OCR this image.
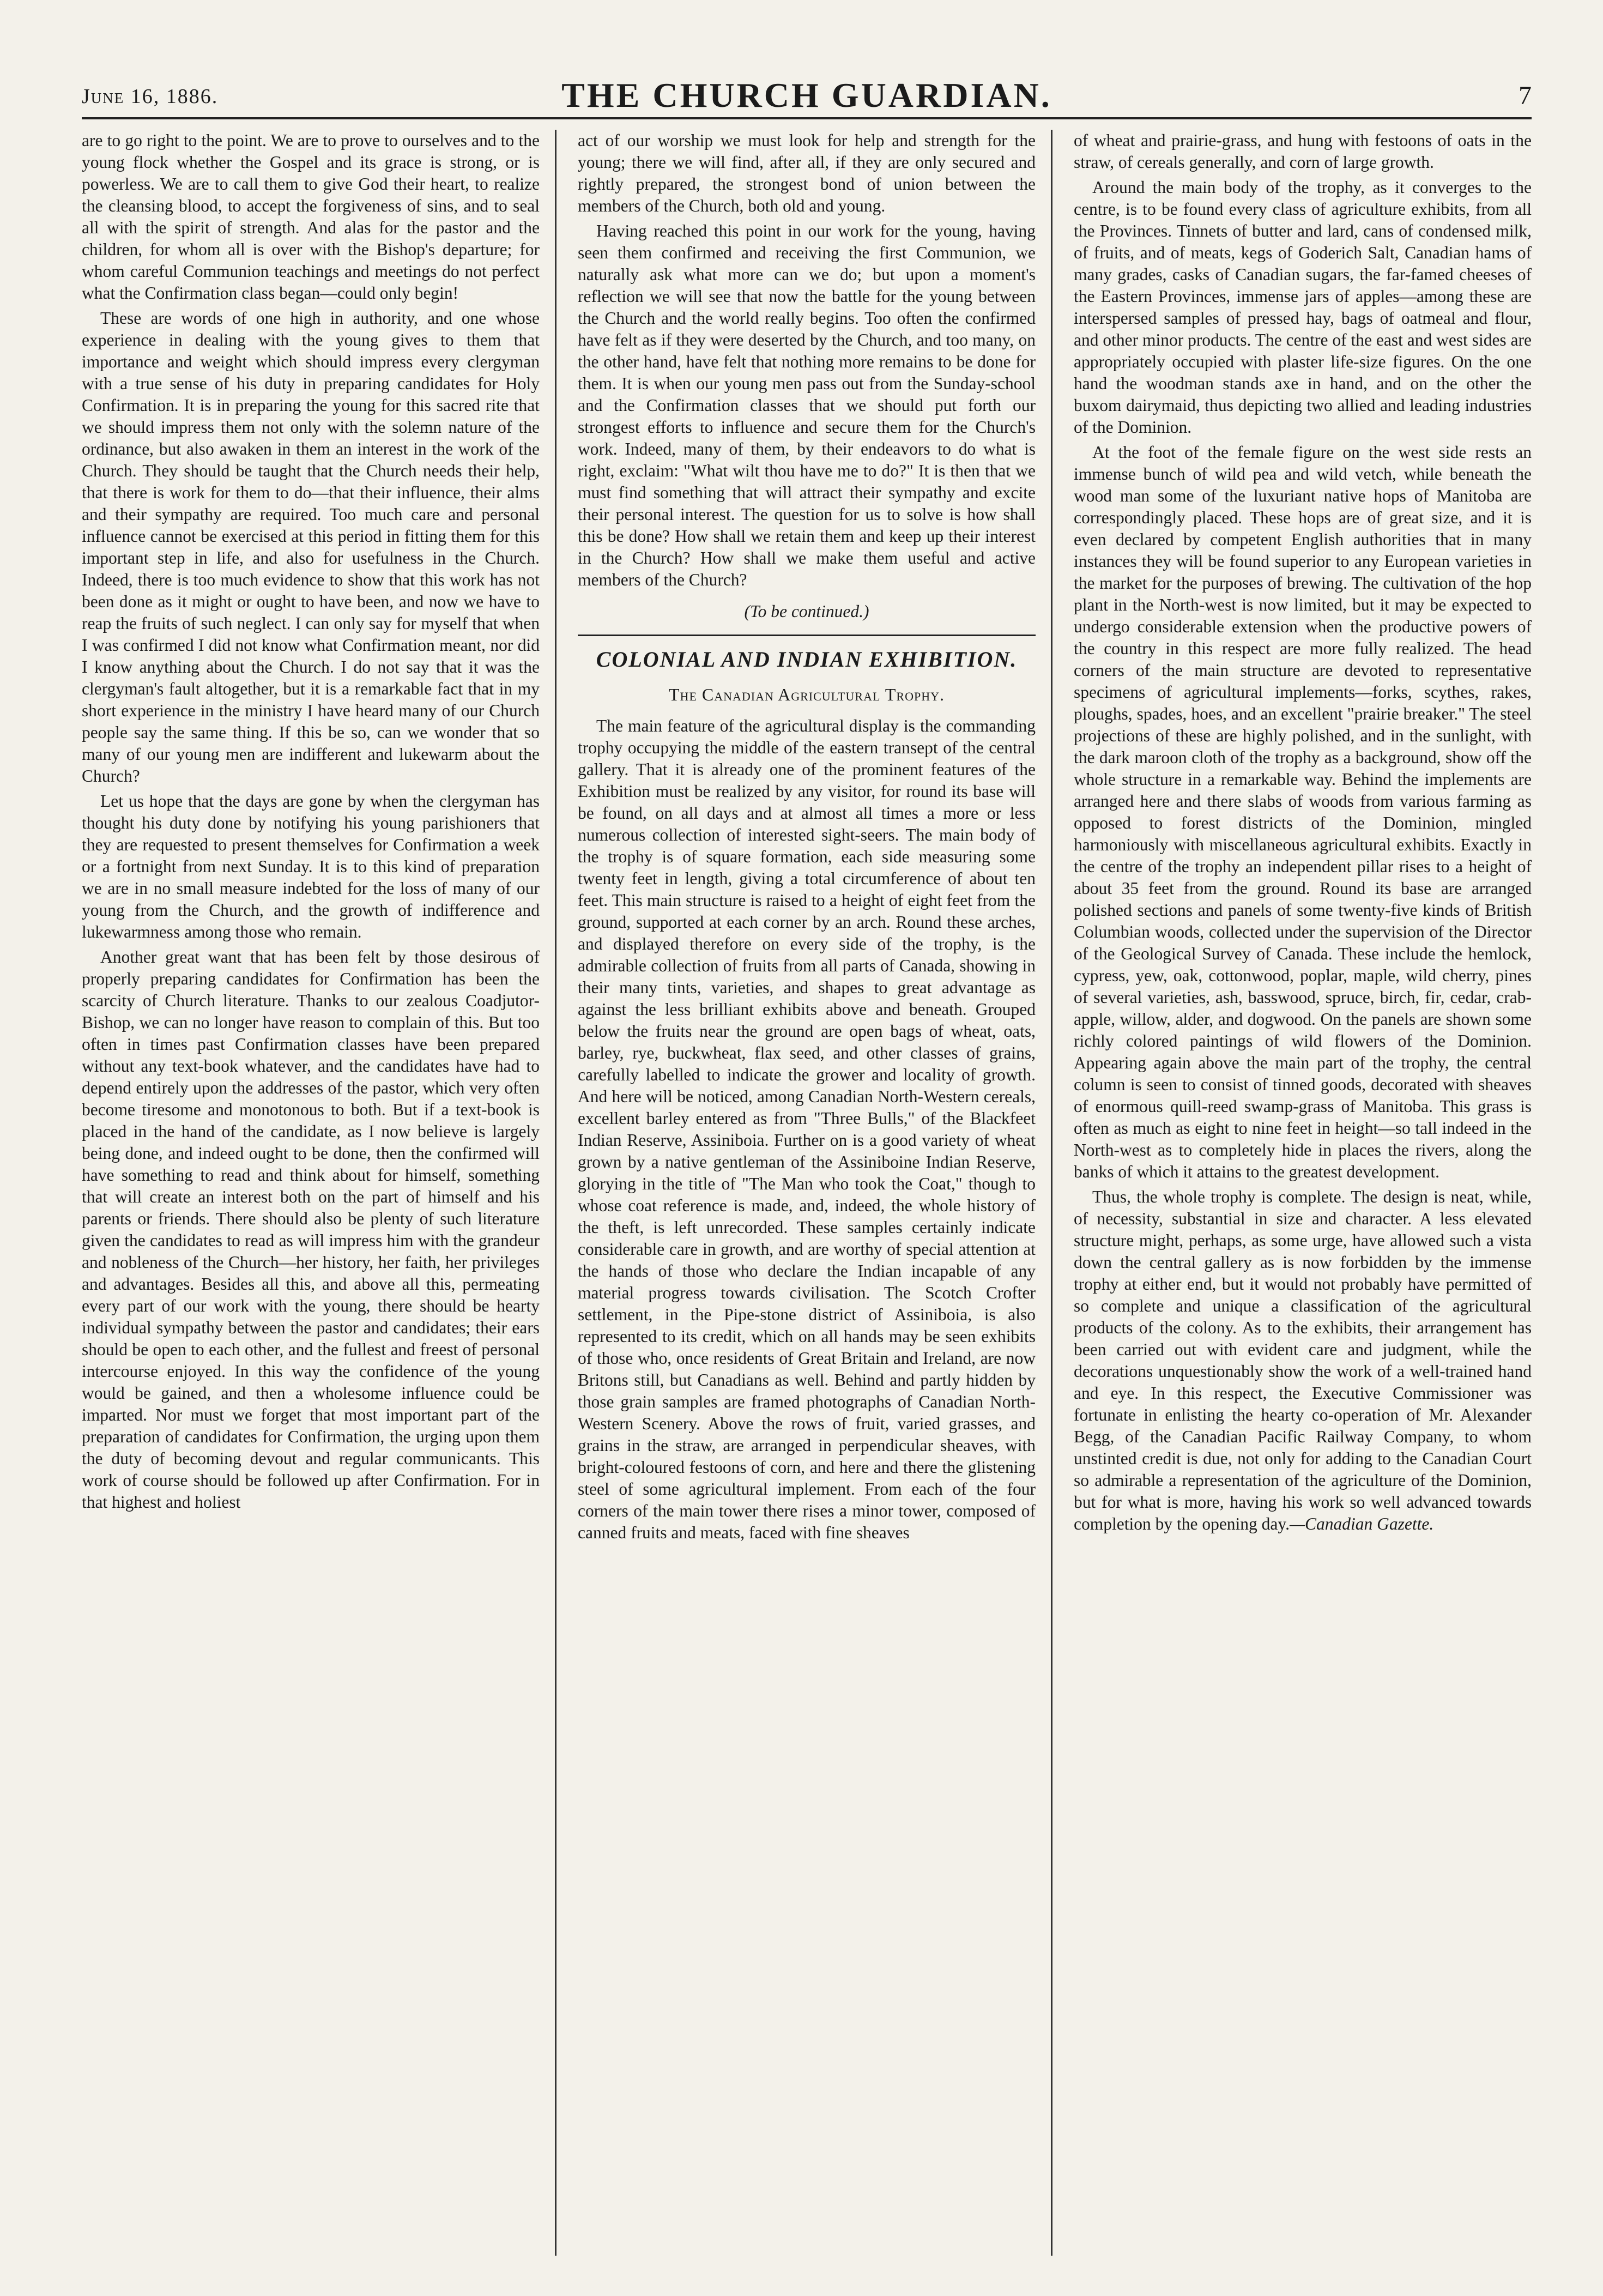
June 16, 1886.	THE CHURCH GUARDIAN.	7

are to go right to the point. We are to prove to ourselves and to the young flock whether the Gospel and its grace is strong, or is powerless. We are to call them to give God their heart, to realize the cleansing blood, to accept the forgiveness of sins, and to seal all with the spirit of strength. And alas for the pastor and the children, for whom all is over with the Bishop's departure; for whom careful Communion teachings and meetings do not perfect what the Confirmation class began—could only begin!

These are words of one high in authority, and one whose experience in dealing with the young gives to them that importance and weight which should impress every clergyman with a true sense of his duty in preparing candidates for Holy Confirmation. It is in preparing the young for this sacred rite that we should impress them not only with the solemn nature of the ordinance, but also awaken in them an interest in the work of the Church. They should be taught that the Church needs their help, that there is work for them to do—that their influence, their alms and their sympathy are required. Too much care and personal influence cannot be exercised at this period in fitting them for this important step in life, and also for usefulness in the Church. Indeed, there is too much evidence to show that this work has not been done as it might or ought to have been, and now we have to reap the fruits of such neglect. I can only say for myself that when I was confirmed I did not know what Confirmation meant, nor did I know anything about the Church. I do not say that it was the clergyman's fault altogether, but it is a remarkable fact that in my short experience in the ministry I have heard many of our Church people say the same thing. If this be so, can we wonder that so many of our young men are indifferent and lukewarm about the Church?

Let us hope that the days are gone by when the clergyman has thought his duty done by notifying his young parishioners that they are requested to present themselves for Confirmation a week or a fortnight from next Sunday. It is to this kind of preparation we are in no small measure indebted for the loss of many of our young from the Church, and the growth of indifference and lukewarmness among those who remain.

Another great want that has been felt by those desirous of properly preparing candidates for Confirmation has been the scarcity of Church literature. Thanks to our zealous Coadjutor-Bishop, we can no longer have reason to complain of this. But too often in times past Confirmation classes have been prepared without any text-book whatever, and the candidates have had to depend entirely upon the addresses of the pastor, which very often become tiresome and monotonous to both. But if a text-book is placed in the hand of the candidate, as I now believe is largely being done, and indeed ought to be done, then the confirmed will have something to read and think about for himself, something that will create an interest both on the part of himself and his parents or friends. There should also be plenty of such literature given the candidates to read as will impress him with the grandeur and nobleness of the Church—her history, her faith, her privileges and advantages. Besides all this, and above all this, permeating every part of our work with the young, there should be hearty individual sympathy between the pastor and candidates; their ears should be open to each other, and the fullest and freest of personal intercourse enjoyed. In this way the confidence of the young would be gained, and then a wholesome influence could be imparted. Nor must we forget that most important part of the preparation of candidates for Confirmation, the urging upon them the duty of becoming devout and regular communicants. This work of course should be followed up after Confirmation. For in that highest and holiest

act of our worship we must look for help and strength for the young; there we will find, after all, if they are only secured and rightly prepared, the strongest bond of union between the members of the Church, both old and young.

Having reached this point in our work for the young, having seen them confirmed and receiving the first Communion, we naturally ask what more can we do; but upon a moment's reflection we will see that now the battle for the young between the Church and the world really begins. Too often the confirmed have felt as if they were deserted by the Church, and too many, on the other hand, have felt that nothing more remains to be done for them. It is when our young men pass out from the Sunday-school and the Confirmation classes that we should put forth our strongest efforts to influence and secure them for the Church's work. Indeed, many of them, by their endeavors to do what is right, exclaim: "What wilt thou have me to do?" It is then that we must find something that will attract their sympathy and excite their personal interest. The question for us to solve is how shall this be done? How shall we retain them and keep up their interest in the Church? How shall we make them useful and active members of the Church?

(To be continued.)
COLONIAL AND INDIAN EXHIBITION.
The Canadian Agricultural Trophy.

The main feature of the agricultural display is the commanding trophy occupying the middle of the eastern transept of the central gallery. That it is already one of the prominent features of the Exhibition must be realized by any visitor, for round its base will be found, on all days and at almost all times a more or less numerous collection of interested sight-seers. The main body of the trophy is of square formation, each side measuring some twenty feet in length, giving a total circumference of about ten feet. This main structure is raised to a height of eight feet from the ground, supported at each corner by an arch. Round these arches, and displayed therefore on every side of the trophy, is the admirable collection of fruits from all parts of Canada, showing in their many tints, varieties, and shapes to great advantage as against the less brilliant exhibits above and beneath. Grouped below the fruits near the ground are open bags of wheat, oats, barley, rye, buckwheat, flax seed, and other classes of grains, carefully labelled to indicate the grower and locality of growth. And here will be noticed, among Canadian North-Western cereals, excellent barley entered as from "Three Bulls," of the Blackfeet Indian Reserve, Assiniboia. Further on is a good variety of wheat grown by a native gentleman of the Assiniboine Indian Reserve, glorying in the title of "The Man who took the Coat," though to whose coat reference is made, and, indeed, the whole history of the theft, is left unrecorded. These samples certainly indicate considerable care in growth, and are worthy of special attention at the hands of those who declare the Indian incapable of any material progress towards civilisation. The Scotch Crofter settlement, in the Pipe-stone district of Assiniboia, is also represented to its credit, which on all hands may be seen exhibits of those who, once residents of Great Britain and Ireland, are now Britons still, but Canadians as well. Behind and partly hidden by those grain samples are framed photographs of Canadian North-Western Scenery. Above the rows of fruit, varied grasses, and grains in the straw, are arranged in perpendicular sheaves, with bright-coloured festoons of corn, and here and there the glistening steel of some agricultural implement. From each of the four corners of the main tower there rises a minor tower, composed of canned fruits and meats, faced with fine sheaves

of wheat and prairie-grass, and hung with festoons of oats in the straw, of cereals generally, and corn of large growth.

Around the main body of the trophy, as it converges to the centre, is to be found every class of agriculture exhibits, from all the Provinces. Tinnets of butter and lard, cans of condensed milk, of fruits, and of meats, kegs of Goderich Salt, Canadian hams of many grades, casks of Canadian sugars, the far-famed cheeses of the Eastern Provinces, immense jars of apples—among these are interspersed samples of pressed hay, bags of oatmeal and flour, and other minor products. The centre of the east and west sides are appropriately occupied with plaster life-size figures. On the one hand the woodman stands axe in hand, and on the other the buxom dairymaid, thus depicting two allied and leading industries of the Dominion.

At the foot of the female figure on the west side rests an immense bunch of wild pea and wild vetch, while beneath the wood man some of the luxuriant native hops of Manitoba are correspondingly placed. These hops are of great size, and it is even declared by competent English authorities that in many instances they will be found superior to any European varieties in the market for the purposes of brewing. The cultivation of the hop plant in the North-west is now limited, but it may be expected to undergo considerable extension when the productive powers of the country in this respect are more fully realized. The head corners of the main structure are devoted to representative specimens of agricultural implements—forks, scythes, rakes, ploughs, spades, hoes, and an excellent "prairie breaker." The steel projections of these are highly polished, and in the sunlight, with the dark maroon cloth of the trophy as a background, show off the whole structure in a remarkable way. Behind the implements are arranged here and there slabs of woods from various farming as opposed to forest districts of the Dominion, mingled harmoniously with miscellaneous agricultural exhibits. Exactly in the centre of the trophy an independent pillar rises to a height of about 35 feet from the ground. Round its base are arranged polished sections and panels of some twenty-five kinds of British Columbian woods, collected under the supervision of the Director of the Geological Survey of Canada. These include the hemlock, cypress, yew, oak, cottonwood, poplar, maple, wild cherry, pines of several varieties, ash, basswood, spruce, birch, fir, cedar, crab-apple, willow, alder, and dogwood. On the panels are shown some richly colored paintings of wild flowers of the Dominion. Appearing again above the main part of the trophy, the central column is seen to consist of tinned goods, decorated with sheaves of enormous quill-reed swamp-grass of Manitoba. This grass is often as much as eight to nine feet in height—so tall indeed in the North-west as to completely hide in places the rivers, along the banks of which it attains to the greatest development.

Thus, the whole trophy is complete. The design is neat, while, of necessity, substantial in size and character. A less elevated structure might, perhaps, as some urge, have allowed such a vista down the central gallery as is now forbidden by the immense trophy at either end, but it would not probably have permitted of so complete and unique a classification of the agricultural products of the colony. As to the exhibits, their arrangement has been carried out with evident care and judgment, while the decorations unquestionably show the work of a well-trained hand and eye. In this respect, the Executive Commissioner was fortunate in enlisting the hearty co-operation of Mr. Alexander Begg, of the Canadian Pacific Railway Company, to whom unstinted credit is due, not only for adding to the Canadian Court so admirable a representation of the agriculture of the Dominion, but for what is more, having his work so well advanced towards completion by the opening day.—Canadian Gazette.
